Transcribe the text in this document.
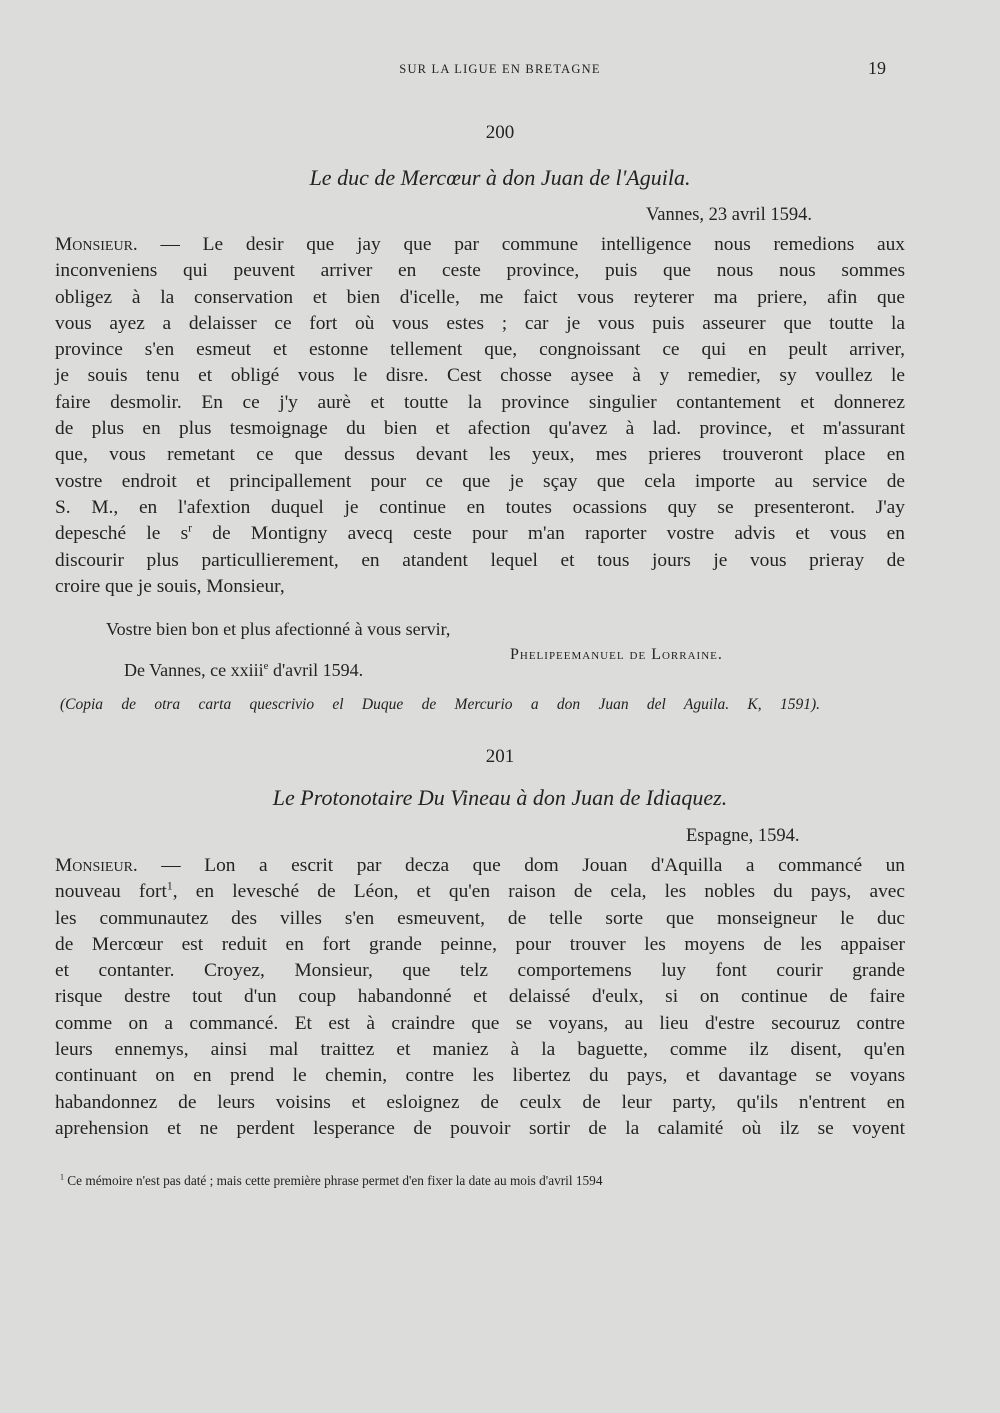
SUR LA LIGUE EN BRETAGNE	19
200
Le duc de Mercœur à don Juan de l'Aguila.
Vannes, 23 avril 1594.
Monsieur. — Le desir que jay que par commune intelligence nous remedions aux
inconveniens qui peuvent arriver en ceste province, puis que nous nous sommes
obligez à la conservation et bien d'icelle, me faict vous reyterer ma priere, afin que
vous ayez a delaisser ce fort où vous estes ; car je vous puis asseurer que toutte la
province s'en esmeut et estonne tellement que, congnoissant ce qui en peult arriver,
je souis tenu et obligé vous le disre. Cest chosse aysee à y remedier, sy voullez le
faire desmolir. En ce j'y aurè et toutte la province singulier contantement et donnerez
de plus en plus tesmoignage du bien et afection qu'avez à lad. province, et m'assurant
que, vous remetant ce que dessus devant les yeux, mes prieres trouveront place en
vostre endroit et principallement pour ce que je sçay que cela importe au service de
S. M., en l'afextion duquel je continue en toutes ocassions quy se presenteront. J'ay
depesché le $s^r$ de Montigny avecq ceste pour m'an raporter vostre advis et vous en
discourir plus particullierement, en atandent lequel et tous jours je vous prieray de
croire que je souis, Monsieur,
Vostre bien bon et plus afectionné à vous servir,
Phelipeemanuel de Lorraine.
De Vannes, ce xxiii$^e$ d'avril 1594.
(Copia de otra carta quescrivio el Duque de Mercurio a don Juan del Aguila. K, 1591).
201
Le Protonotaire Du Vineau à don Juan de Idiaquez.
Espagne, 1594.
Monsieur. — Lon a escrit par decza que dom Jouan d'Aquilla a commancé un
nouveau fort$^1$, en levesché de Léon, et qu'en raison de cela, les nobles du pays, avec
les communautez des villes s'en esmeuvent, de telle sorte que monseigneur le duc
de Mercœur est reduit en fort grande peinne, pour trouver les moyens de les appaiser
et contanter. Croyez, Monsieur, que telz comportemens luy font courir grande
risque destre tout d'un coup habandonné et delaissé d'eulx, si on continue de faire
comme on a commancé. Et est à craindre que se voyans, au lieu d'estre secouruz contre
leurs ennemys, ainsi mal traittez et maniez à la baguette, comme ilz disent, qu'en
continuant on en prend le chemin, contre les libertez du pays, et davantage se voyans
habandonnez de leurs voisins et esloignez de ceulx de leur party, qu'ils n'entrent en
aprehension et ne perdent lesperance de pouvoir sortir de la calamité où ilz se voyent
$^1$ Ce mémoire n'est pas daté ; mais cette première phrase permet d'en fixer la date au mois d'avril 1594
